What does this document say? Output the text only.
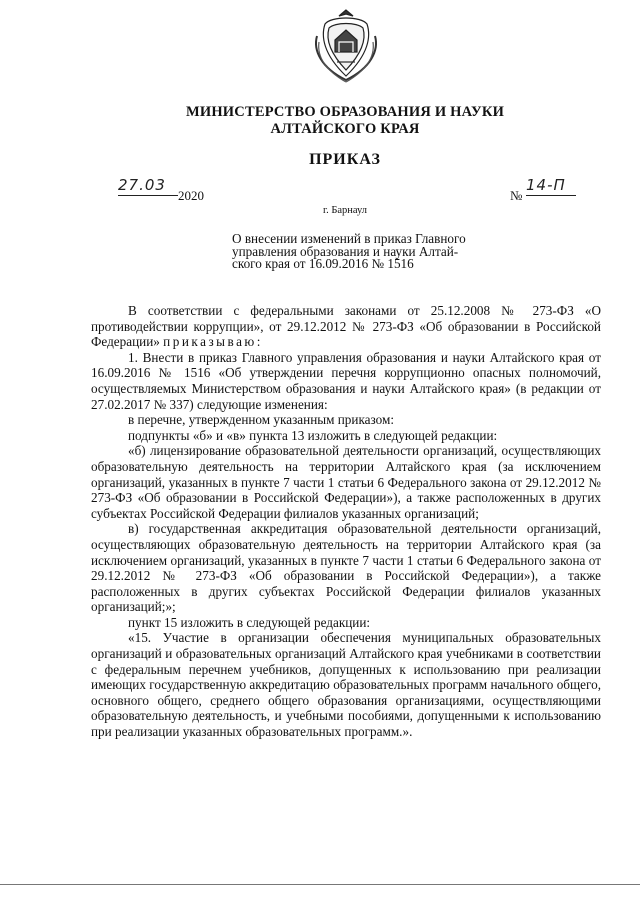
МИНИСТЕРСТВО ОБРАЗОВАНИЯ И НАУКИ
АЛТАЙСКОГО КРАЯ
ПРИКАЗ
27.03
2020	№
14-П
г. Барнаул
О внесении изменений в приказ Главного
управления образования и науки Алтай-
ского края от 16.09.2016 № 1516

В соответствии с федеральными законами от 25.12.2008 № 273-ФЗ «О противодействии коррупции», от 29.12.2012 № 273-ФЗ «Об образовании в Российской Федерации» приказываю:

1. Внести в приказ Главного управления образования и науки Алтайского края от 16.09.2016 № 1516 «Об утверждении перечня коррупционно опасных полномочий, осуществляемых Министерством образования и науки Алтайского края» (в редакции от 27.02.2017 № 337) следующие изменения:

в перечне, утвержденном указанным приказом:

подпункты «б» и «в» пункта 13 изложить в следующей редакции:

«б) лицензирование образовательной деятельности организаций, осуществляющих образовательную деятельность на территории Алтайского края (за исключением организаций, указанных в пункте 7 части 1 статьи 6 Федерального закона от 29.12.2012 № 273-ФЗ «Об образовании в Российской Федерации»), а также расположенных в других субъектах Российской Федерации филиалов указанных организаций;

в) государственная аккредитация образовательной деятельности организаций, осуществляющих образовательную деятельность на территории Алтайского края (за исключением организаций, указанных в пункте 7 части 1 статьи 6 Федерального закона от 29.12.2012 № 273-ФЗ «Об образовании в Российской Федерации»), а также расположенных в других субъектах Российской Федерации филиалов указанных организаций;»;

пункт 15 изложить в следующей редакции:

«15. Участие в организации обеспечения муниципальных образовательных организаций и образовательных организаций Алтайского края учебниками в соответствии с федеральным перечнем учебников, допущенных к использованию при реализации имеющих государственную аккредитацию образовательных программ начального общего, основного общего, среднего общего образования организациями, осуществляющими образовательную деятельность, и учебными пособиями, допущенными к использованию при реализации указанных образовательных программ.».
